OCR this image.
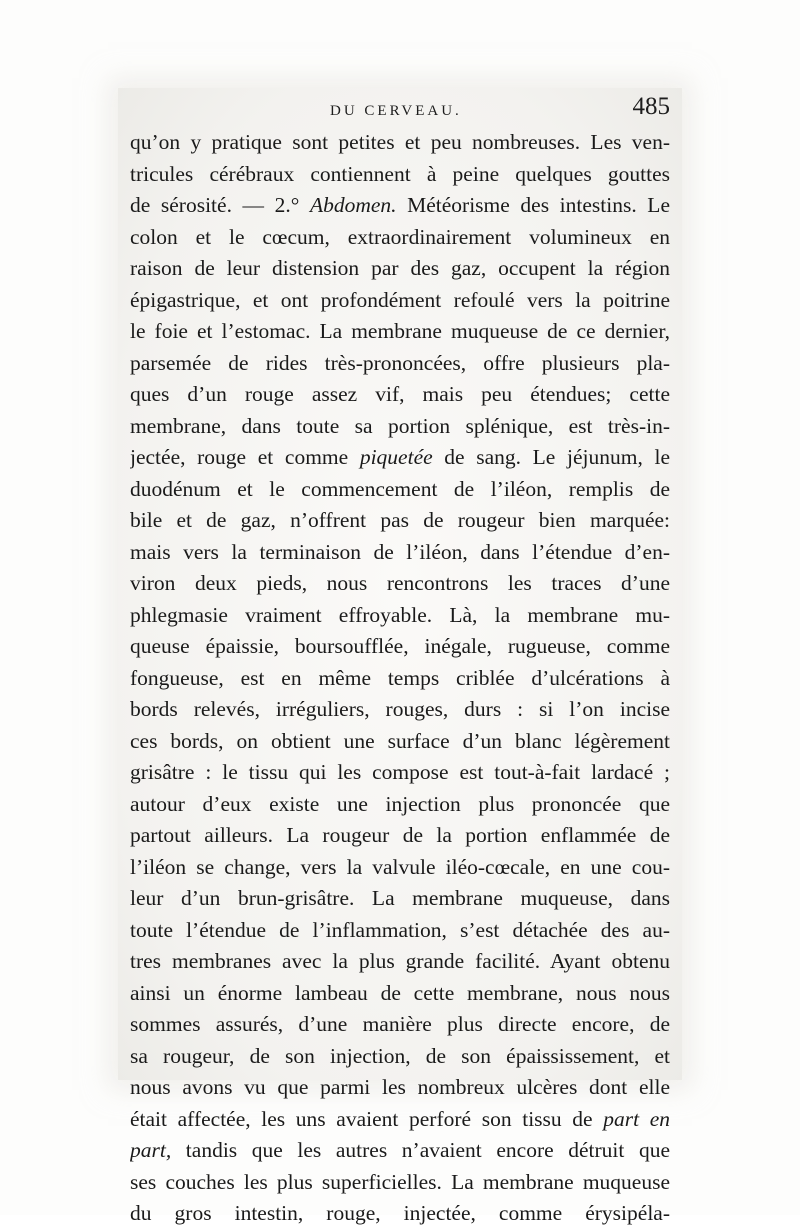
DU CERVEAU.	485
qu’on y pratique sont petites et peu nombreuses. Les ven-
tricules cérébraux contiennent à peine quelques gouttes
de sérosité. — 2.° Abdomen. Météorisme des intestins. Le
colon et le cœcum, extraordinairement volumineux en
raison de leur distension par des gaz, occupent la région
épigastrique, et ont profondément refoulé vers la poitrine
le foie et l’estomac. La membrane muqueuse de ce dernier,
parsemée de rides très-prononcées, offre plusieurs pla-
ques d’un rouge assez vif, mais peu étendues; cette
membrane, dans toute sa portion splénique, est très-in-
jectée, rouge et comme piquetée de sang. Le jéjunum, le
duodénum et le commencement de l’iléon, remplis de
bile et de gaz, n’offrent pas de rougeur bien marquée:
mais vers la terminaison de l’iléon, dans l’étendue d’en-
viron deux pieds, nous rencontrons les traces d’une
phlegmasie vraiment effroyable. Là, la membrane mu-
queuse épaissie, boursoufflée, inégale, rugueuse, comme
fongueuse, est en même temps criblée d’ulcérations à
bords relevés, irréguliers, rouges, durs : si l’on incise
ces bords, on obtient une surface d’un blanc légèrement
grisâtre : le tissu qui les compose est tout-à-fait lardacé ;
autour d’eux existe une injection plus prononcée que
partout ailleurs. La rougeur de la portion enflammée de
l’iléon se change, vers la valvule iléo-cœcale, en une cou-
leur d’un brun-grisâtre. La membrane muqueuse, dans
toute l’étendue de l’inflammation, s’est détachée des au-
tres membranes avec la plus grande facilité. Ayant obtenu
ainsi un énorme lambeau de cette membrane, nous nous
sommes assurés, d’une manière plus directe encore, de
sa rougeur, de son injection, de son épaississement, et
nous avons vu que parmi les nombreux ulcères dont elle
était affectée, les uns avaient perforé son tissu de part en
part, tandis que les autres n’avaient encore détruit que
ses couches les plus superficielles. La membrane muqueuse
du gros intestin, rouge, injectée, comme érysipéla-
